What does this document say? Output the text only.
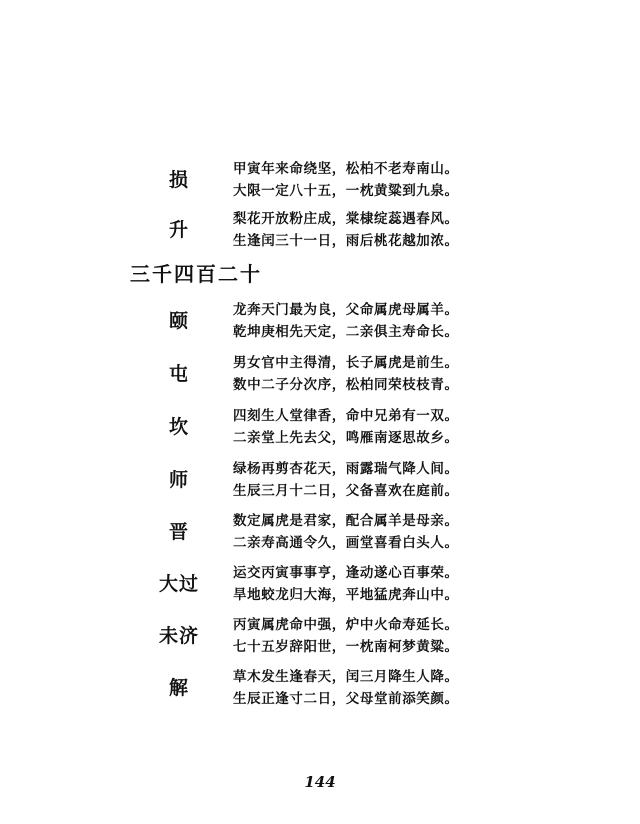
损	甲寅年来命绕坚，松柏不老寿南山。
大限一定八十五，一枕黄粱到九泉。
升	梨花开放粉庄成，棠棣绽蕊遇春风。
生逢闰三十一日，雨后桃花越加浓。
三千四百二十
颐	龙奔天门最为良，父命属虎母属羊。
乾坤庚相先天定，二亲俱主寿命长。
屯	男女官中主得清，长子属虎是前生。
数中二子分次序，松柏同荣枝枝青。
坎	四刻生人堂律香，命中兄弟有一双。
二亲堂上先去父，鸣雁南逐思故乡。
师	绿杨再剪杏花天，雨露瑞气降人间。
生辰三月十二日，父备喜欢在庭前。
晋	数定属虎是君家，配合属羊是母亲。
二亲寿高通令久，画堂喜看白头人。
大过	运交丙寅事事亨，逢动遂心百事荣。
旱地蛟龙归大海，平地猛虎奔山中。
未济	丙寅属虎命中强，炉中火命寿延长。
七十五岁辞阳世，一枕南柯梦黄粱。
解	草木发生逢春天，闰三月降生人降。
生辰正逢寸二日，父母堂前添笑颜。
144
